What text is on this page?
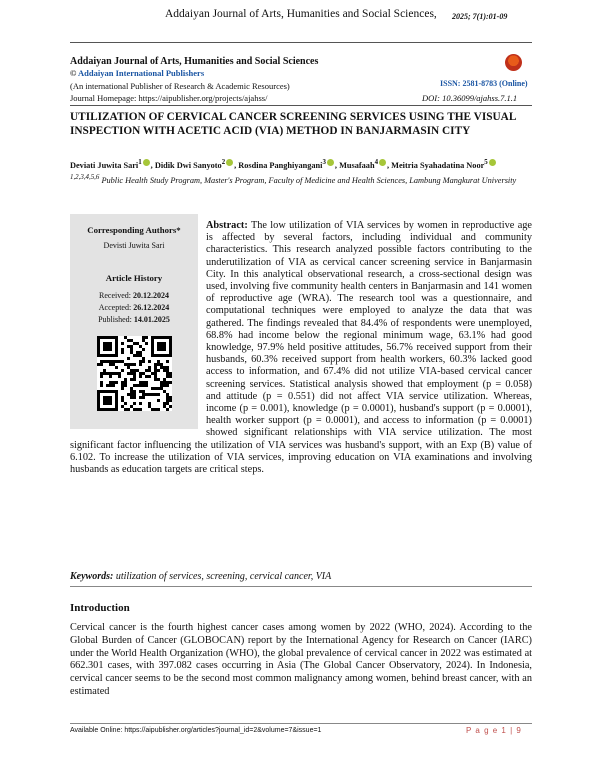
Addaiyan Journal of Arts, Humanities and Social Sciences, 2025; 7(1):01-09
Addaiyan Journal of Arts, Humanities and Social Sciences
© Addaiyan International Publishers
(An international Publisher of Research & Academic Resources)
Journal Homepage: https://aipublisher.org/projects/ajahss/
ISSN: 2581-8783 (Online)
DOI: 10.36099/ajahss.7.1.1
UTILIZATION OF CERVICAL CANCER SCREENING SERVICES USING THE VISUAL INSPECTION WITH ACETIC ACID (VIA) METHOD IN BANJARMASIN CITY
Deviati Juwita Sari$^1$ , Didik Dwi Sanyoto$^2$ , Rosdina Panghiyangani$^3$ , Musafaah$^4$ , Meitria Syahadatina Noor$^5$
$^{1,2,3,4,5,6}$ Public Health Study Program, Master's Program, Faculty of Medicine and Health Sciences, Lambung Mangkurat University
Corresponding Authors*
Devisti Juwita Sari
Article History
Received: 20.12.2024
Accepted: 26.12.2024
Published: 14.01.2025
Abstract: The low utilization of VIA services by women in reproductive age is affected by several factors, including individual and community characteristics. This research analyzed possible factors contributing to the underutilization of VIA as cervical cancer screening service in Banjarmasin City. In this analytical observational research, a cross-sectional design was used, involving five community health centers in Banjarmasin and 141 women of reproductive age (WRA). The research tool was a questionnaire, and computational techniques were employed to analyze the data that was gathered. The findings revealed that 84.4% of respondents were unemployed, 68.8% had income below the regional minimum wage, 63.1% had good knowledge, 97.9% held positive attitudes, 56.7% received support from their husbands, 60.3% received support from health workers, 60.3% lacked good access to information, and 67.4% did not utilize VIA-based cervical cancer screening services. Statistical analysis showed that employment (p = 0.058) and attitude (p = 0.551) did not affect VIA service utilization. Whereas, income (p = 0.001), knowledge (p = 0.0001), husband's support (p = 0.0001), health worker support (p = 0.0001), and access to information (p = 0.0001) showed significant relationships with VIA service utilization. The most significant factor influencing the utilization of VIA services was husband's support, with an Exp (B) value of 6.102. To increase the utilization of VIA services, improving education on VIA examinations and involving husbands as education targets are critical steps.
Keywords: utilization of services, screening, cervical cancer, VIA
Introduction
Cervical cancer is the fourth highest cancer cases among women by 2022 (WHO, 2024). According to the Global Burden of Cancer (GLOBOCAN) report by the International Agency for Research on Cancer (IARC) under the World Health Organization (WHO), the global prevalence of cervical cancer in 2022 was estimated at 662.301 cases, with 397.082 cases occurring in Asia (The Global Cancer Observatory, 2024). In Indonesia, cervical cancer seems to be the second most common malignancy among women, behind breast cancer, with an estimated
Available Online: https://aipublisher.org/articles?journal_id=2&volume=7&issue=1	P a g e 1 | 9
